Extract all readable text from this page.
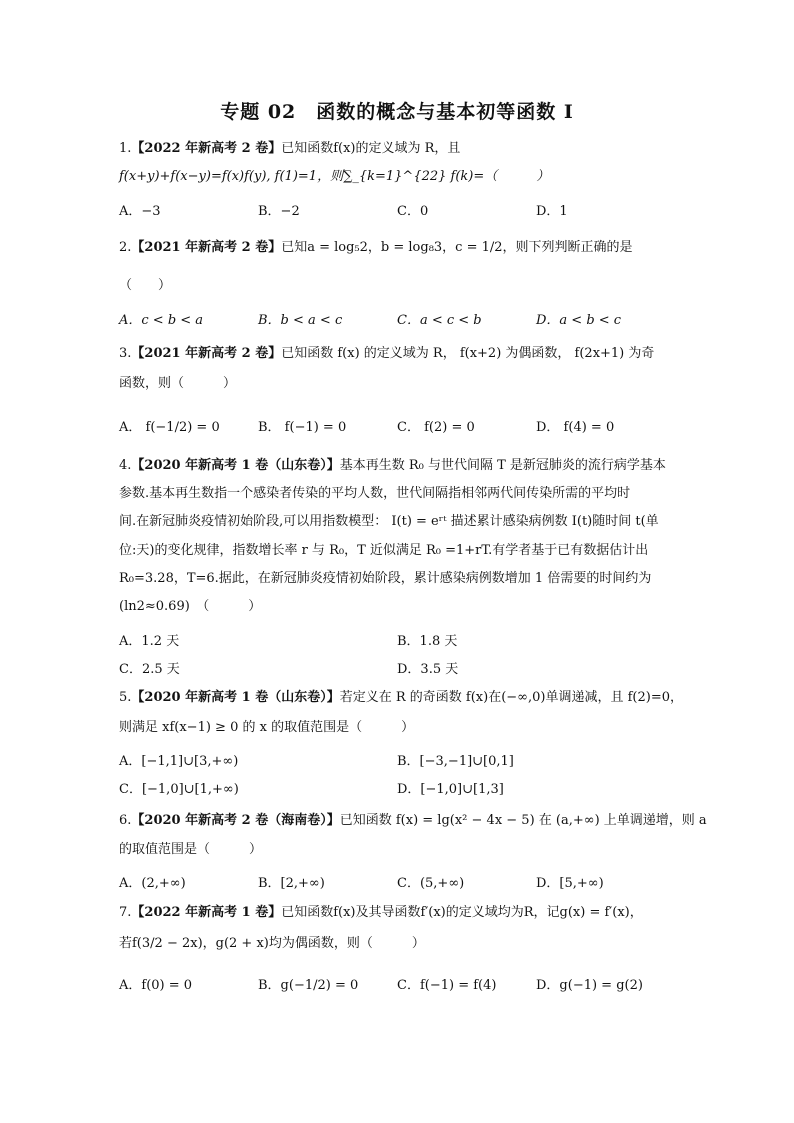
专题 02　函数的概念与基本初等函数 Ⅰ
1.【2022 年新高考 2 卷】已知函数f(x)的定义域为 R，且
f(x+y)+f(x−y)=f(x)f(y), f(1)=1，则∑_{k=1}^{22} f(k)=（　　　）
A．−3	B．−2	C．0	D．1
2.【2021 年新高考 2 卷】已知a = log₅2，b = log₈3，c = 1/2，则下列判断正确的是
（　　）
A．c < b < a	B．b < a < c	C．a < c < b	D．a < b < c
3.【2021 年新高考 2 卷】已知函数 f(x) 的定义域为 R， f(x+2) 为偶函数， f(2x+1) 为奇
函数，则（　　　）
A． f(−1/2) = 0	B． f(−1) = 0	C． f(2) = 0	D． f(4) = 0
4.【2020 年新高考 1 卷（山东卷）】基本再生数 R₀ 与世代间隔 T 是新冠肺炎的流行病学基本
参数.基本再生数指一个感染者传染的平均人数，世代间隔指相邻两代间传染所需的平均时
间.在新冠肺炎疫情初始阶段,可以用指数模型： I(t) = eʳᵗ 描述累计感染病例数 I(t)随时间 t(单
位:天)的变化规律，指数增长率 r 与 R₀，T 近似满足 R₀ =1+rT.有学者基于已有数据估计出
R₀=3.28，T=6.据此，在新冠肺炎疫情初始阶段，累计感染病例数增加 1 倍需要的时间约为
(ln2≈0.69)　（　　　）
A．1.2 天	B．1.8 天
C．2.5 天	D．3.5 天
5.【2020 年新高考 1 卷（山东卷）】若定义在 R 的奇函数 f(x)在(−∞,0)单调递减，且 f(2)=0，
则满足 xf(x−1) ≥ 0 的 x 的取值范围是（　　　）
A．[−1,1]∪[3,+∞)	B．[−3,−1]∪[0,1]
C．[−1,0]∪[1,+∞)	D．[−1,0]∪[1,3]
6.【2020 年新高考 2 卷（海南卷）】已知函数 f(x) = lg(x² − 4x − 5) 在 (a,+∞) 上单调递增，则 a
的取值范围是（　　　）
A．(2,+∞)	B．[2,+∞)	C．(5,+∞)	D．[5,+∞)
7.【2022 年新高考 1 卷】已知函数f(x)及其导函数f′(x)的定义域均为R，记g(x) = f′(x)，
若f(3/2 − 2x)，g(2 + x)均为偶函数，则（　　　）
A．f(0) = 0	B．g(−1/2) = 0	C．f(−1) = f(4)	D．g(−1) = g(2)
